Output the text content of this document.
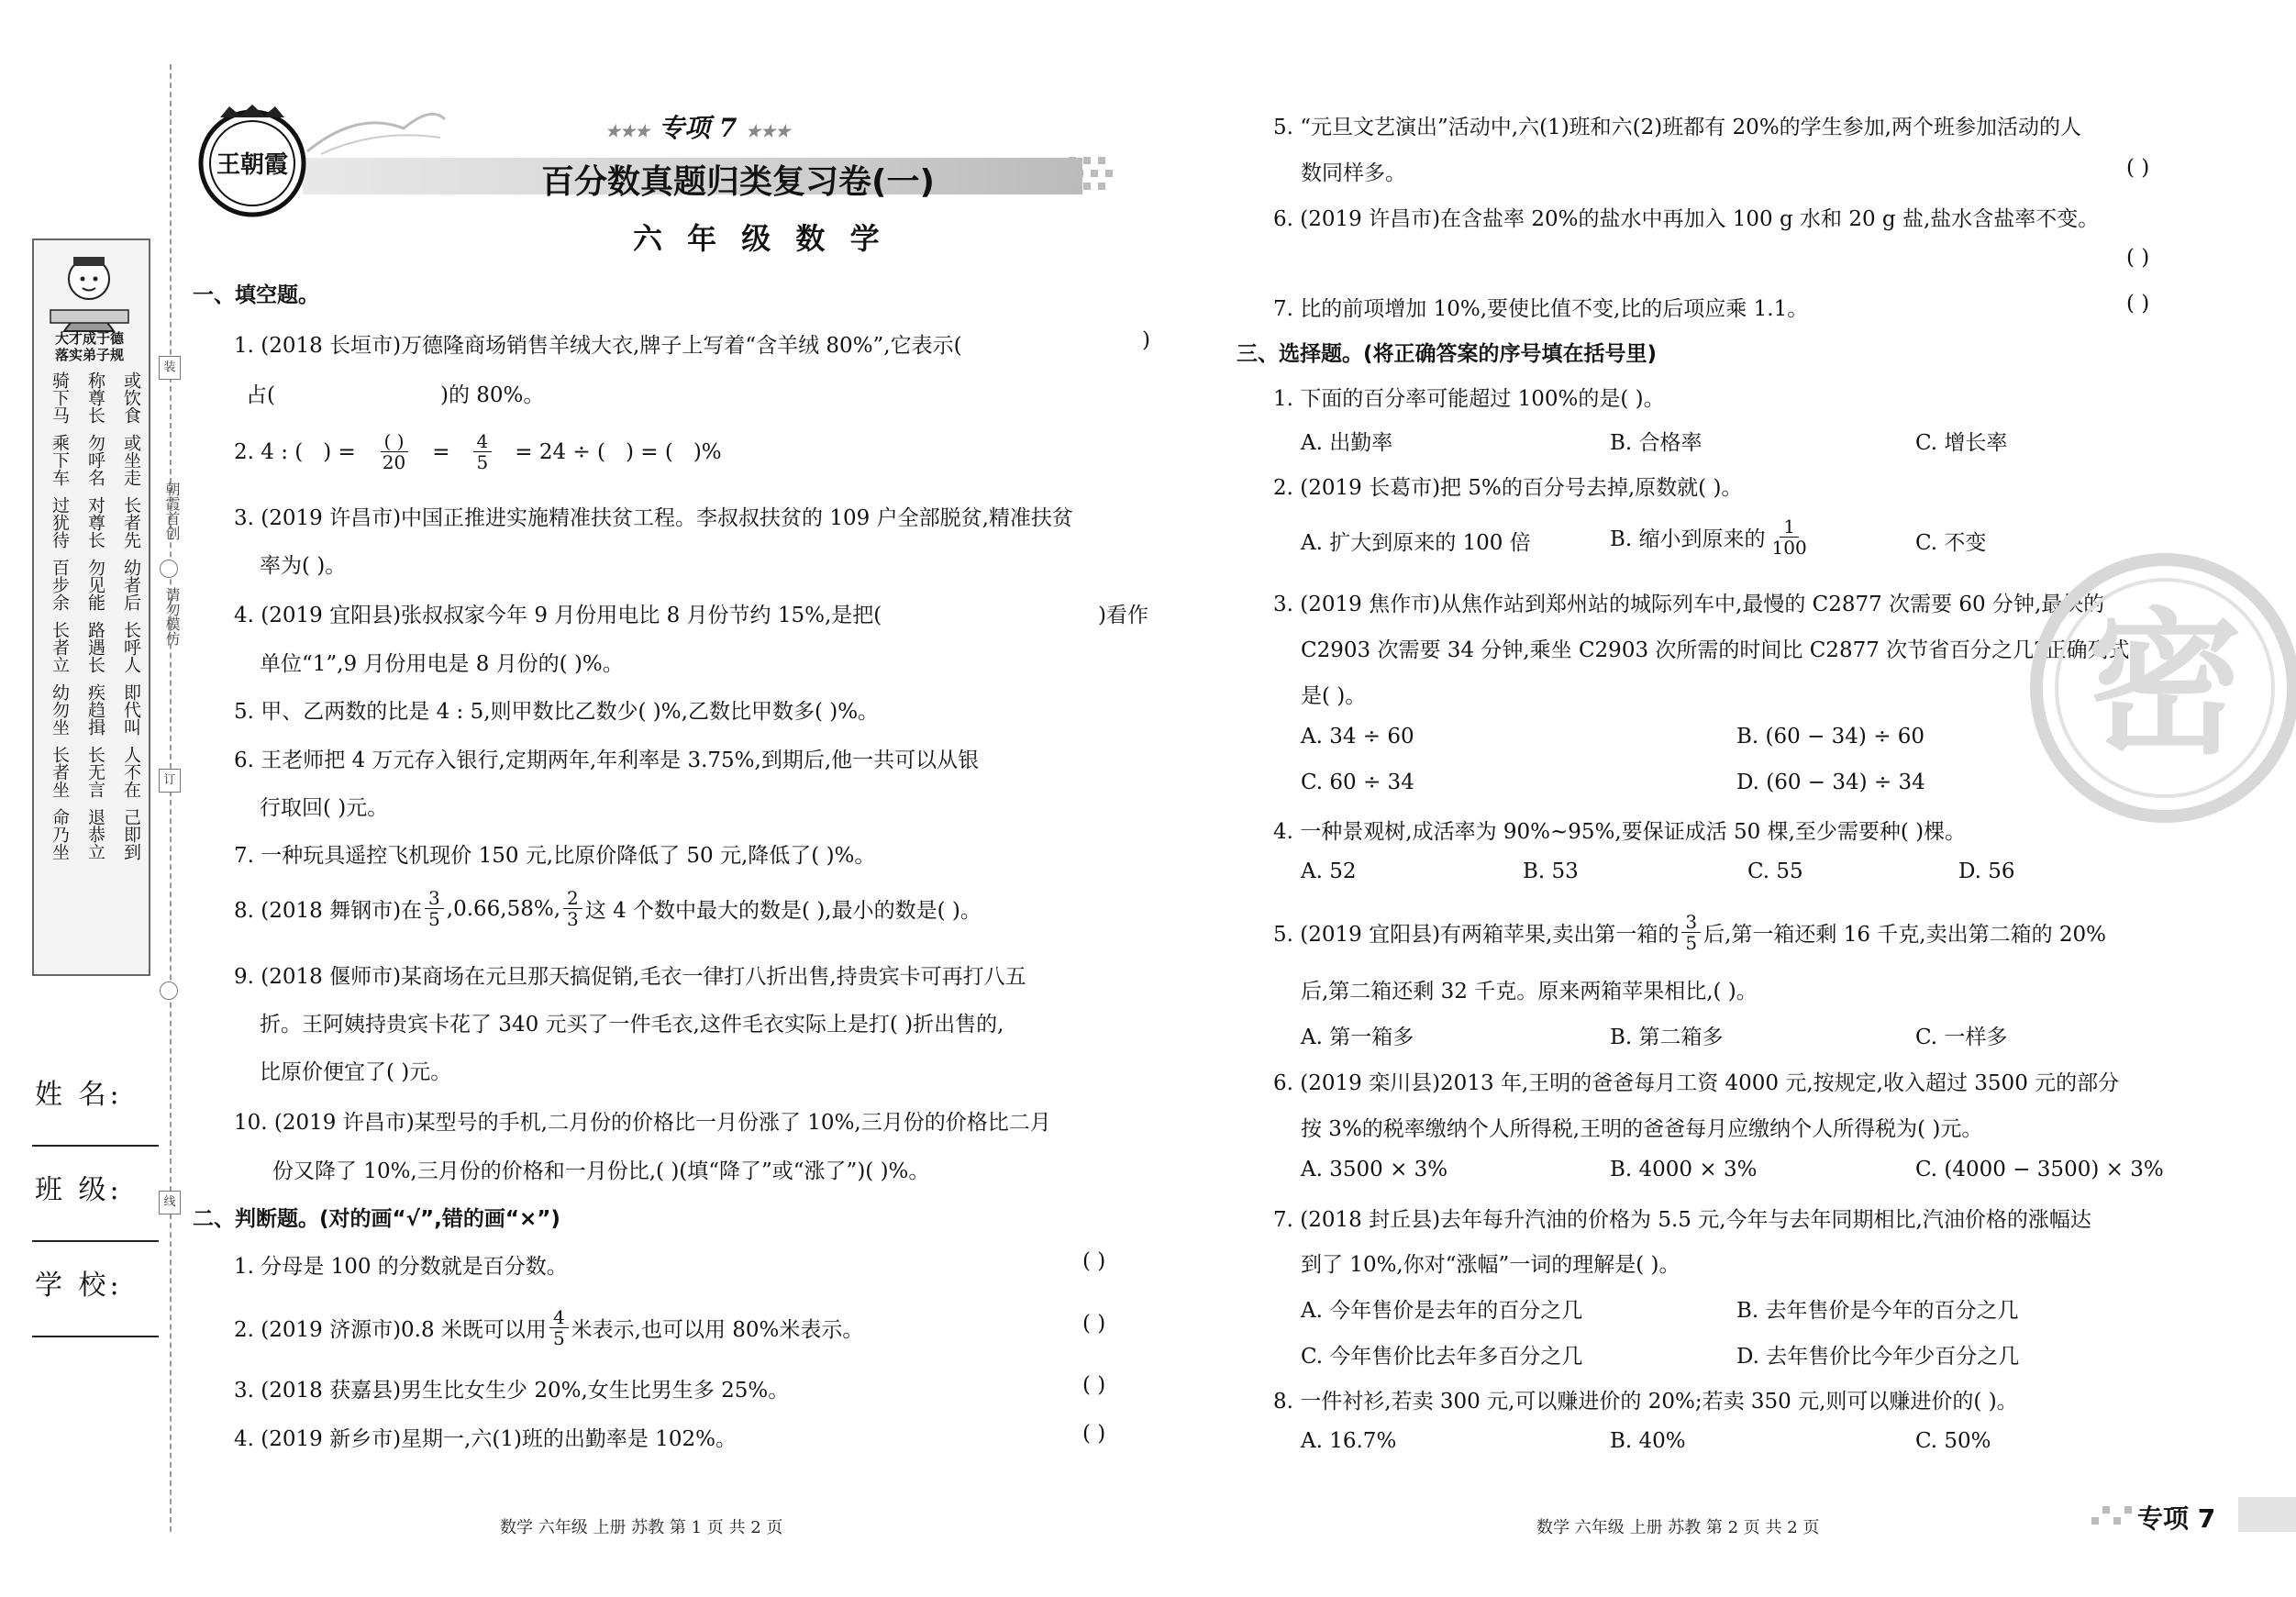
大才成于德
落实弟子规
骑下马 称尊长 或饮食
乘下车 勿呼名 或坐走
过犹待 对尊长 长者先
百步余 勿见能 幼者后
长者立 路遇长 长呼人
幼勿坐 疾趋揖 即代叫
长者坐 长无言 人不在
命乃坐 退恭立 己即到
装
朝霞首创
请勿模仿
订
线
姓 名:
班 级:
学 校:
王朝霞
★★★ 专项 7 ★★★
百分数真题归类复习卷(一)
六 年 级 数 学
一、填空题。
1. (2018 长垣市)万德隆商场销售羊绒大衣,牌子上写着“含羊绒 80%”,它表示(	)
占(	)的 80%。
2. 4 : ( ) = $\frac{( )}{20} = \frac{4}{5} = 24$ ÷ ( ) = ( )%
3. (2019 许昌市)中国正推进实施精准扶贫工程。李叔叔扶贫的 109 户全部脱贫,精准扶贫
率为( )。
4. (2019 宜阳县)张叔叔家今年 9 月份用电比 8 月份节约 15%,是把(	)看作
单位“1”,9 月份用电是 8 月份的( )%。
5. 甲、乙两数的比是 4 : 5,则甲数比乙数少( )%,乙数比甲数多( )%。
6. 王老师把 4 万元存入银行,定期两年,年利率是 3.75%,到期后,他一共可以从银
行取回( )元。
7. 一种玩具遥控飞机现价 150 元,比原价降低了 50 元,降低了( )%。
8. (2018 舞钢市)在 $\frac{3}{5} ,0.66,58\%$, $\frac{2}{3}$ 这 4 个数中最大的数是( ),最小的数是( )。
9. (2018 偃师市)某商场在元旦那天搞促销,毛衣一律打八折出售,持贵宾卡可再打八五
折。王阿姨持贵宾卡花了 340 元买了一件毛衣,这件毛衣实际上是打( )折出售的,
比原价便宜了( )元。
10. (2019 许昌市)某型号的手机,二月份的价格比一月份涨了 10%,三月份的价格比二月
份又降了 10%,三月份的价格和一月份比,( )(填“降了”或“涨了”)( )%。
二、判断题。(对的画“√”,错的画“×”)
1. 分母是 100 的分数就是百分数。	( )
2. (2019 济源市)0.8 米既可以用 $\frac{4}{5}$ 米表示,也可以用 80%米表示。	( )
3. (2018 获嘉县)男生比女生少 20%,女生比男生多 25%。	( )
4. (2019 新乡市)星期一,六(1)班的出勤率是 102%。	( )
数学 六年级 上册 苏教 第 1 页 共 2 页
5. “元旦文艺演出”活动中,六(1)班和六(2)班都有 20%的学生参加,两个班参加活动的人
数同样多。	( )
6. (2019 许昌市)在含盐率 20%的盐水中再加入 100 g 水和 20 g 盐,盐水含盐率不变。
( )
7. 比的前项增加 10%,要使比值不变,比的后项应乘 1.1。	( )
三、选择题。(将正确答案的序号填在括号里)
1. 下面的百分率可能超过 100%的是( )。
A. 出勤率	B. 合格率	C. 增长率
2. (2019 长葛市)把 5%的百分号去掉,原数就( )。
A. 扩大到原来的 100 倍	B. 缩小到原来的 $\frac{1}{100}$	C. 不变
3. (2019 焦作市)从焦作站到郑州站的城际列车中,最慢的 C2877 次需要 60 分钟,最快的
C2903 次需要 34 分钟,乘坐 C2903 次所需的时间比 C2877 次节省百分之几?正确列式
是( )。
A. 34 ÷ 60	B. (60 − 34) ÷ 60
C. 60 ÷ 34	D. (60 − 34) ÷ 34
4. 一种景观树,成活率为 90%~95%,要保证成活 50 棵,至少需要种( )棵。
A. 52	B. 53	C. 55	D. 56
5. (2019 宜阳县)有两箱苹果,卖出第一箱的 $\frac{3}{5}$ 后,第一箱还剩 16 千克,卖出第二箱的 20%
后,第二箱还剩 32 千克。原来两箱苹果相比,( )。
A. 第一箱多	B. 第二箱多	C. 一样多
6. (2019 栾川县)2013 年,王明的爸爸每月工资 4000 元,按规定,收入超过 3500 元的部分
按 3%的税率缴纳个人所得税,王明的爸爸每月应缴纳个人所得税为( )元。
A. 3500 × 3%	B. 4000 × 3%	C. (4000 − 3500) × 3%
7. (2018 封丘县)去年每升汽油的价格为 5.5 元,今年与去年同期相比,汽油价格的涨幅达
到了 10%,你对“涨幅”一词的理解是( )。
A. 今年售价是去年的百分之几	B. 去年售价是今年的百分之几
C. 今年售价比去年多百分之几	D. 去年售价比今年少百分之几
8. 一件衬衫,若卖 300 元,可以赚进价的 20%;若卖 350 元,则可以赚进价的( )。
A. 16.7%	B. 40%	C. 50%
数学 六年级 上册 苏教 第 2 页 共 2 页
密
专项 7
